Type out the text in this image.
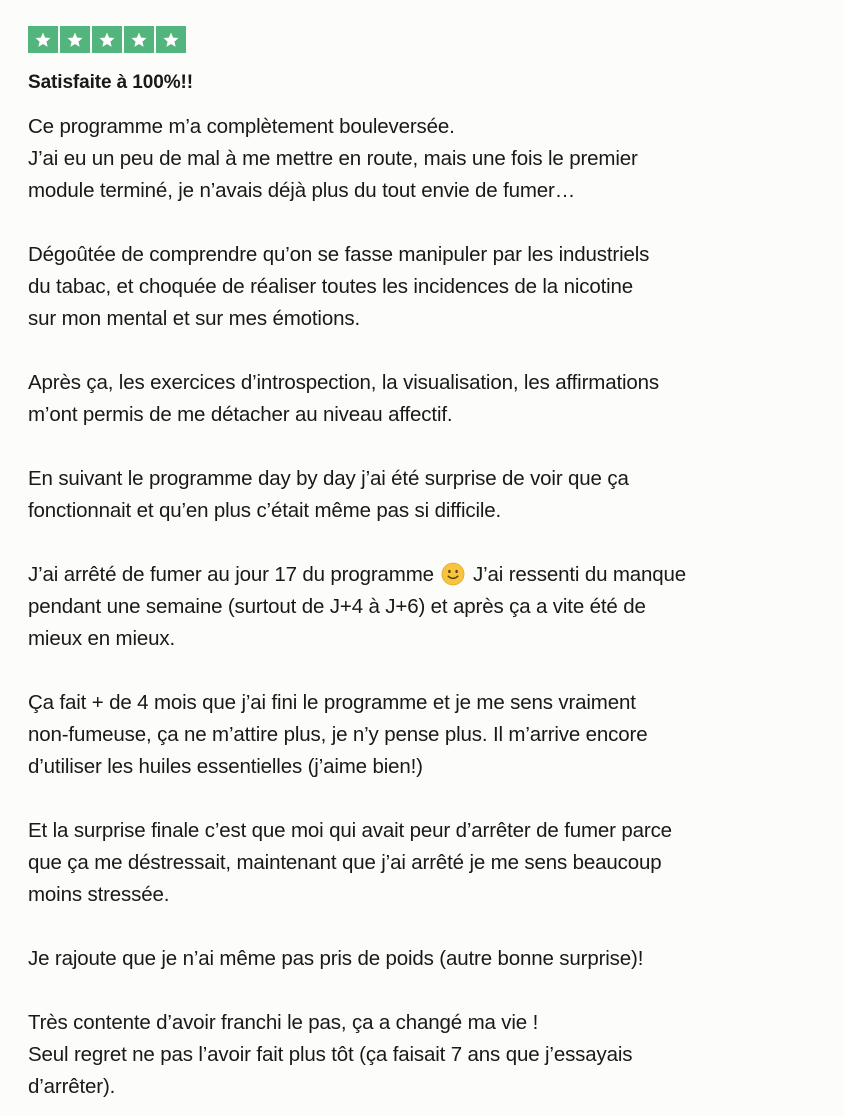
Satisfaite à 100%!!
Ce programme m’a complètement bouleversée.
J’ai eu un peu de mal à me mettre en route, mais une fois le premier
module terminé, je n’avais déjà plus du tout envie de fumer…
Dégoûtée de comprendre qu’on se fasse manipuler par les industriels
du tabac, et choquée de réaliser toutes les incidences de la nicotine
sur mon mental et sur mes émotions.
Après ça, les exercices d’introspection, la visualisation, les affirmations
m’ont permis de me détacher au niveau affectif.
En suivant le programme day by day j’ai été surprise de voir que ça
fonctionnait et qu’en plus c’était même pas si difficile.
J’ai arrêté de fumer au jour 17 du programme J’ai ressenti du manque
pendant une semaine (surtout de J+4 à J+6) et après ça a vite été de
mieux en mieux.
Ça fait + de 4 mois que j’ai fini le programme et je me sens vraiment
non-fumeuse, ça ne m’attire plus, je n’y pense plus. Il m’arrive encore
d’utiliser les huiles essentielles (j’aime bien!)
Et la surprise finale c’est que moi qui avait peur d’arrêter de fumer parce
que ça me déstressait, maintenant que j’ai arrêté je me sens beaucoup
moins stressée.
Je rajoute que je n’ai même pas pris de poids (autre bonne surprise)!
Très contente d’avoir franchi le pas, ça a changé ma vie !
Seul regret ne pas l’avoir fait plus tôt (ça faisait 7 ans que j’essayais
d’arrêter).
